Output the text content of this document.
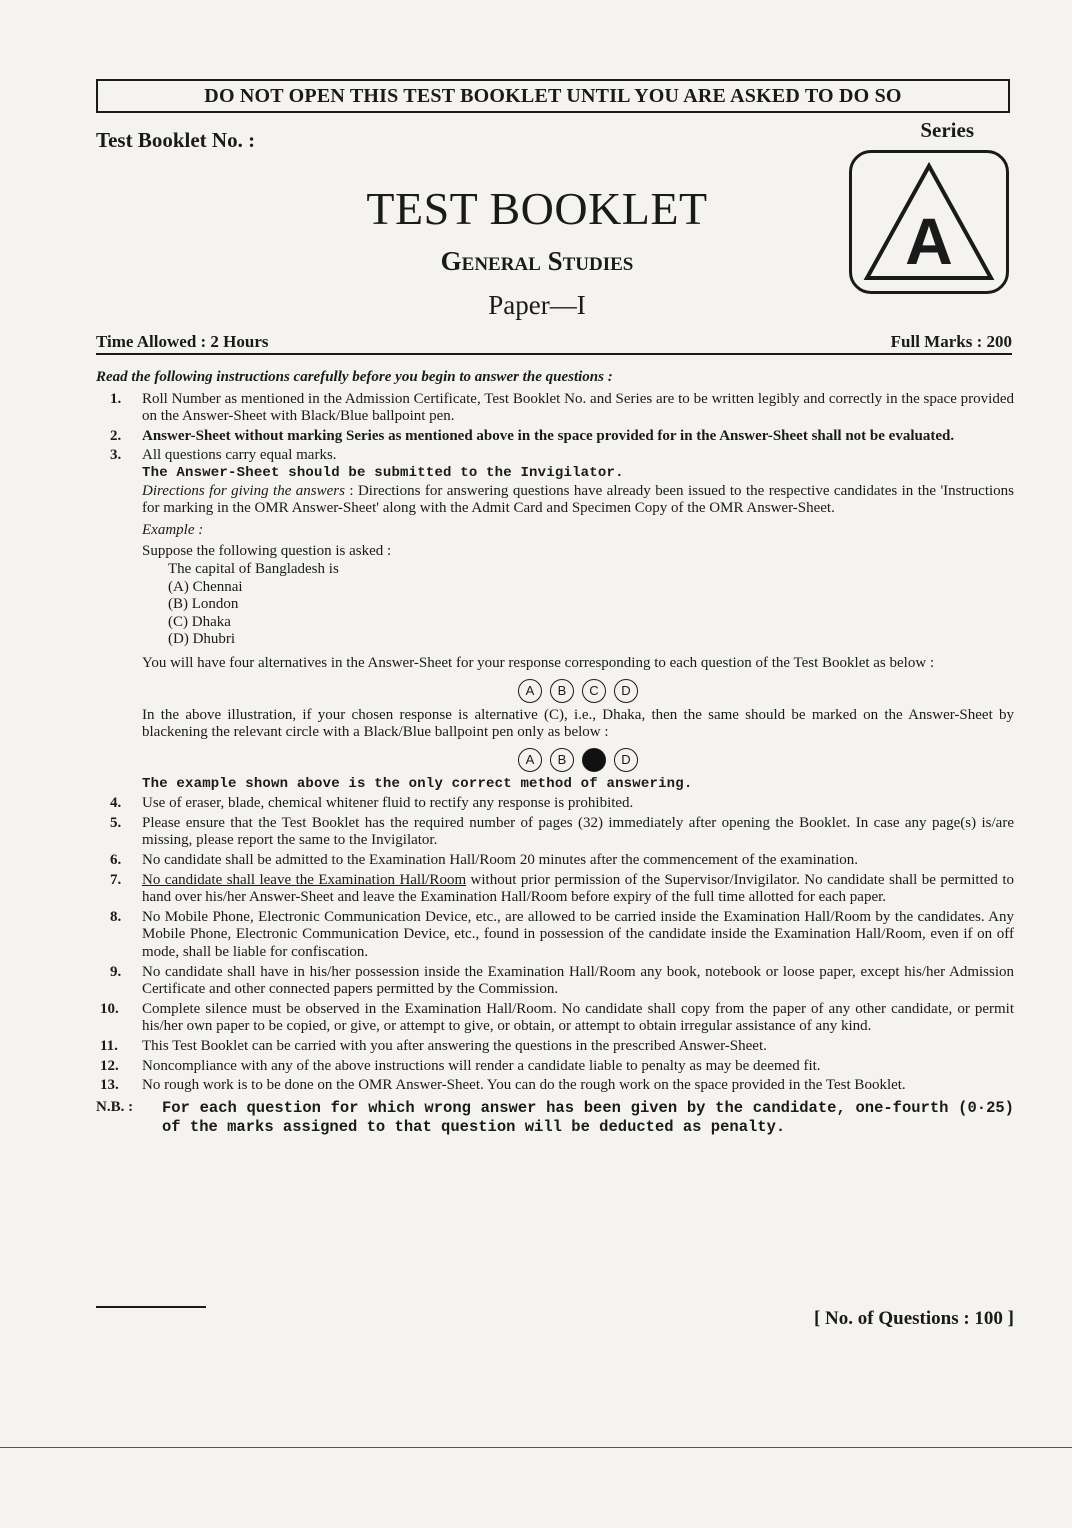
DO NOT OPEN THIS TEST BOOKLET UNTIL YOU ARE ASKED TO DO SO
Test Booklet No. :	Series
A
TEST BOOKLET
General Studies
Paper—I
Time Allowed : 2 Hours	Full Marks : 200

Read the following instructions carefully before you begin to answer the questions :

1.	Roll Number as mentioned in the Admission Certificate, Test Booklet No. and Series are to be written legibly and correctly in the space provided on the Answer-Sheet with Black/Blue ballpoint pen.
2.	Answer-Sheet without marking Series as mentioned above in the space provided for in the Answer-Sheet shall not be evaluated.
3.	All questions carry equal marks.
The Answer-Sheet should be submitted to the Invigilator.
Directions for giving the answers : Directions for answering questions have already been issued to the respective candidates in the 'Instructions for marking in the OMR Answer-Sheet' along with the Admit Card and Specimen Copy of the OMR Answer-Sheet.
Example :
Suppose the following question is asked :
The capital of Bangladesh is
(A) Chennai
(B) London
(C) Dhaka
(D) Dhubri
You will have four alternatives in the Answer-Sheet for your response corresponding to each question of the Test Booklet as below :
A	B	C	D
In the above illustration, if your chosen response is alternative (C), i.e., Dhaka, then the same should be marked on the Answer-Sheet by blackening the relevant circle with a Black/Blue ballpoint pen only as below :
A	B	C	D
The example shown above is the only correct method of answering.
4.	Use of eraser, blade, chemical whitener fluid to rectify any response is prohibited.
5.	Please ensure that the Test Booklet has the required number of pages (32) immediately after opening the Booklet. In case any page(s) is/are missing, please report the same to the Invigilator.
6.	No candidate shall be admitted to the Examination Hall/Room 20 minutes after the commencement of the examination.
7.	No candidate shall leave the Examination Hall/Room without prior permission of the Supervisor/Invigilator. No candidate shall be permitted to hand over his/her Answer-Sheet and leave the Examination Hall/Room before expiry of the full time allotted for each paper.
8.	No Mobile Phone, Electronic Communication Device, etc., are allowed to be carried inside the Examination Hall/Room by the candidates. Any Mobile Phone, Electronic Communication Device, etc., found in possession of the candidate inside the Examination Hall/Room, even if on off mode, shall be liable for confiscation.
9.	No candidate shall have in his/her possession inside the Examination Hall/Room any book, notebook or loose paper, except his/her Admission Certificate and other connected papers permitted by the Commission.
10.	Complete silence must be observed in the Examination Hall/Room. No candidate shall copy from the paper of any other candidate, or permit his/her own paper to be copied, or give, or attempt to give, or obtain, or attempt to obtain irregular assistance of any kind.
11.	This Test Booklet can be carried with you after answering the questions in the prescribed Answer-Sheet.
12.	Noncompliance with any of the above instructions will render a candidate liable to penalty as may be deemed fit.
13.	No rough work is to be done on the OMR Answer-Sheet. You can do the rough work on the space provided in the Test Booklet.
N.B. :	For each question for which wrong answer has been given by the candidate, one-fourth (0·25) of the marks assigned to that question will be deducted as penalty.
[ No. of Questions : 100 ]
